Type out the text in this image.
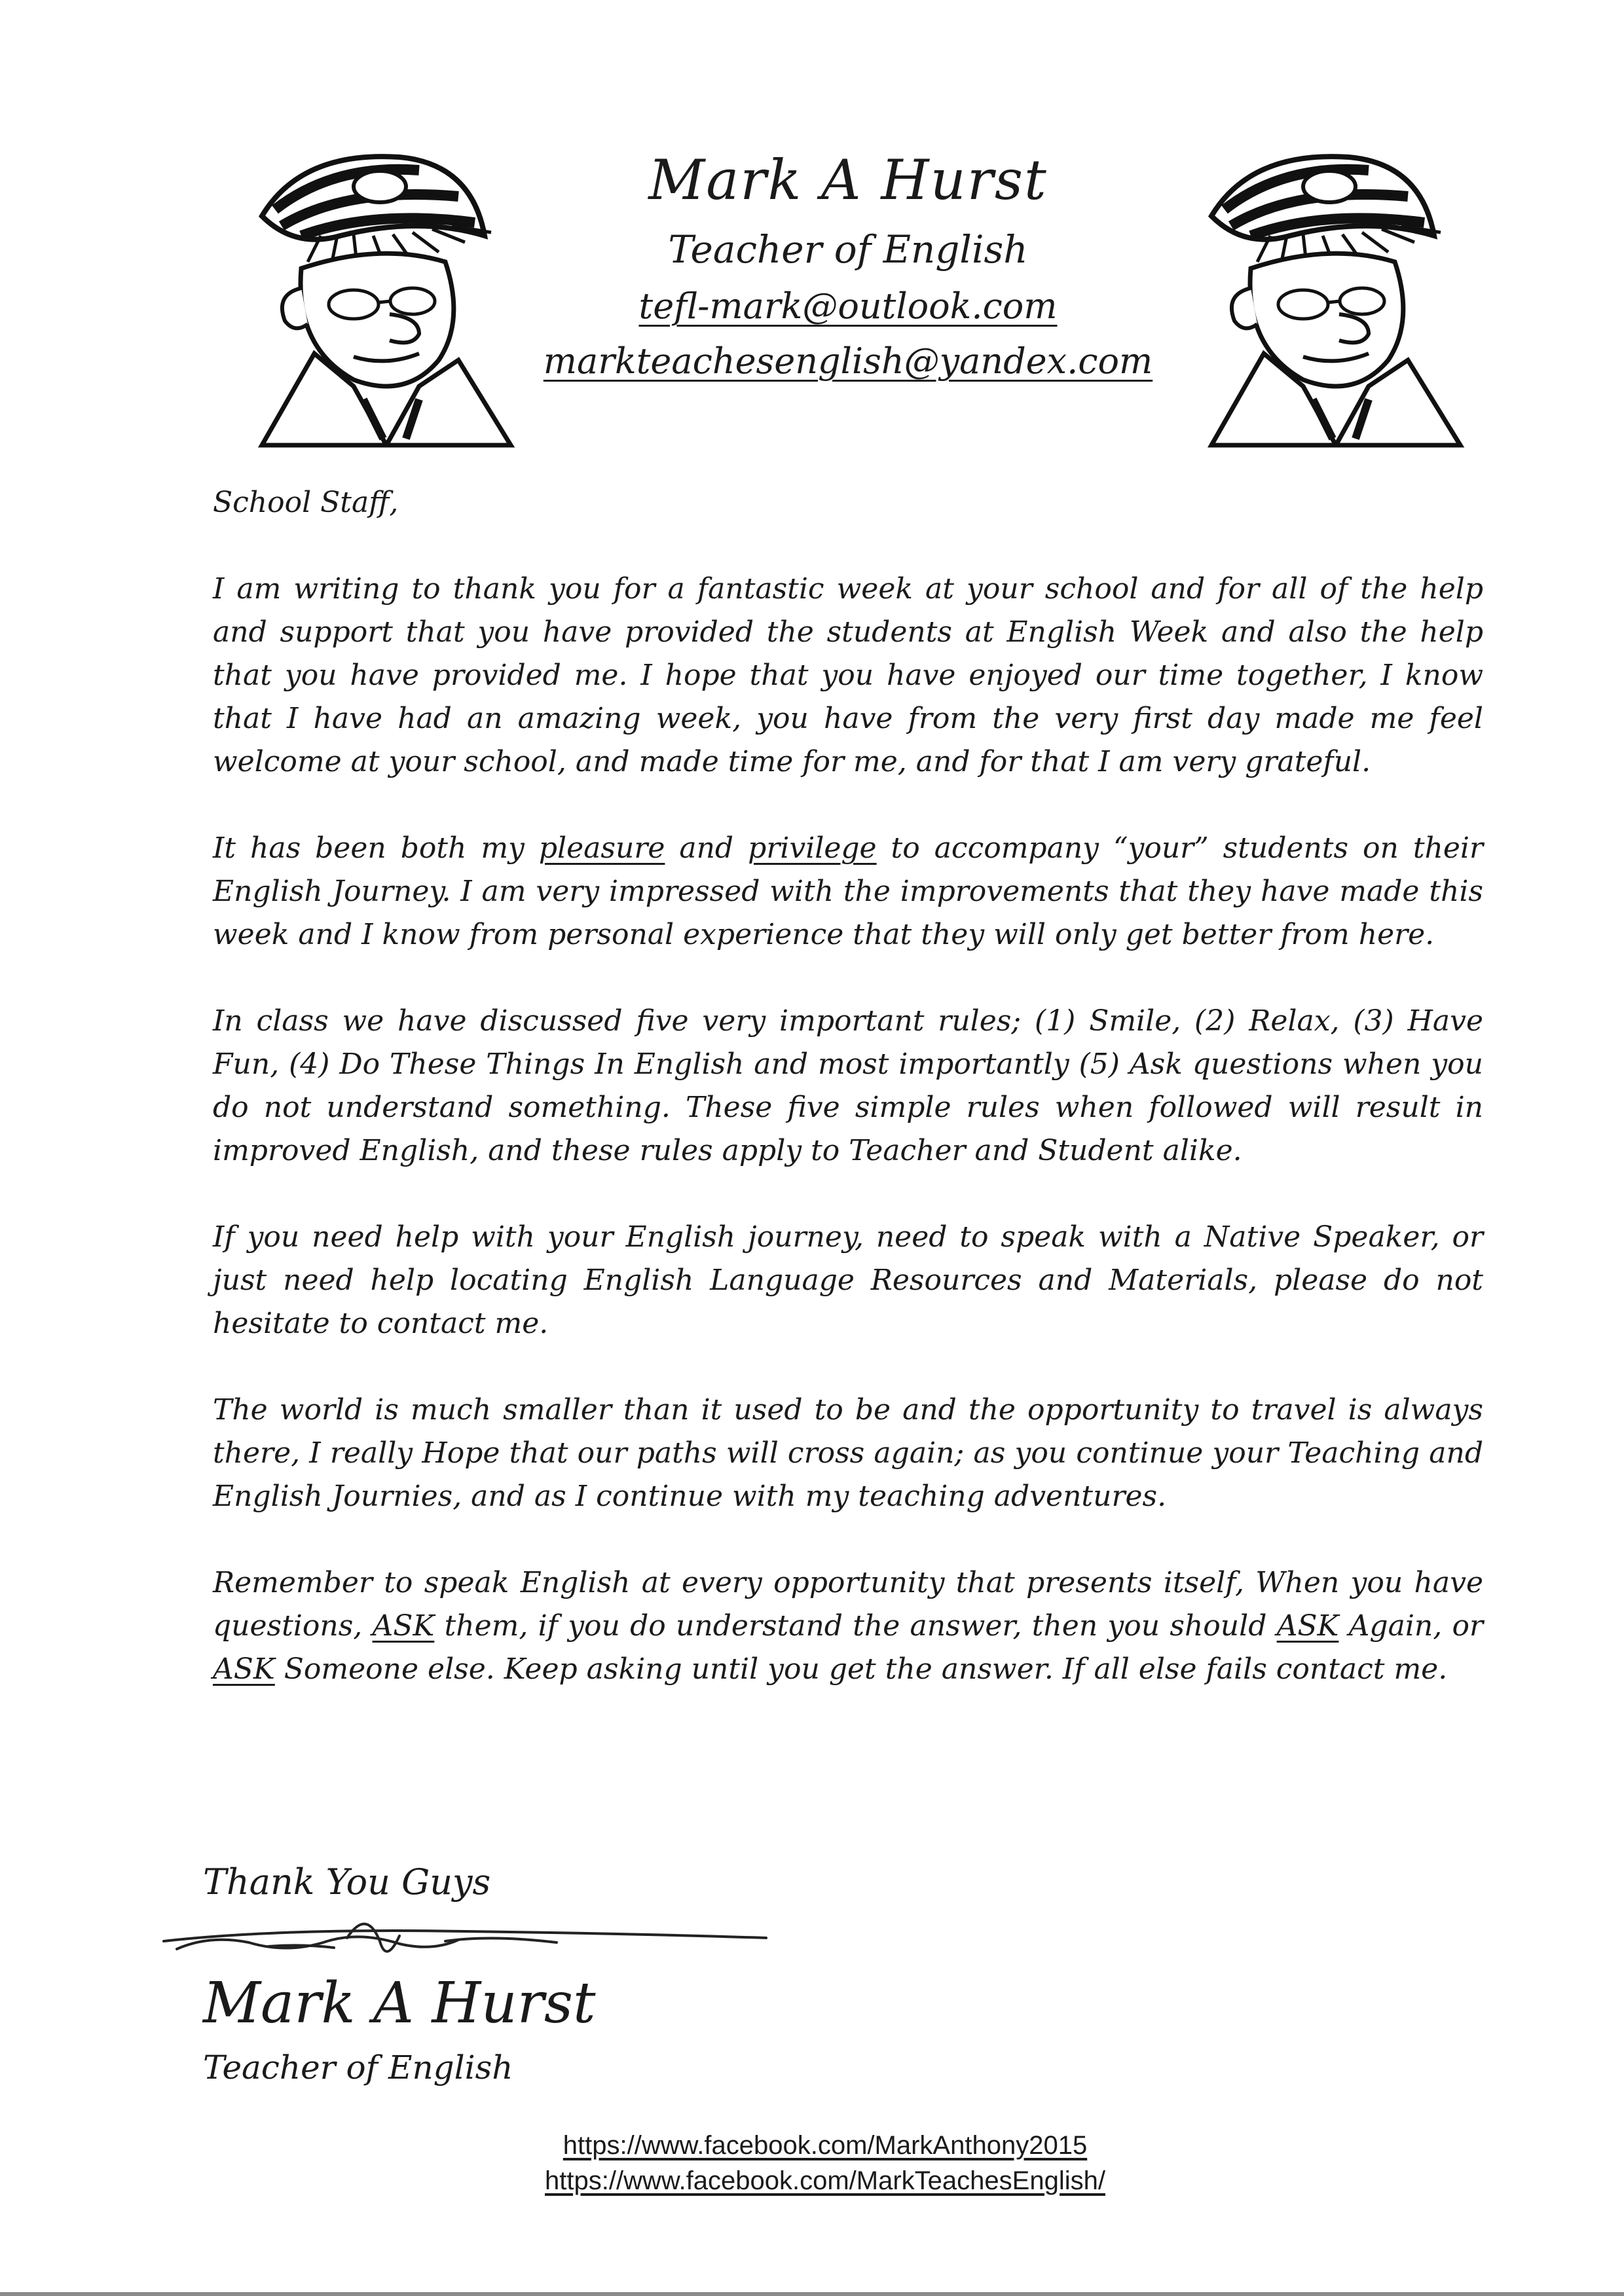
Mark A Hurst
Teacher of English
tefl-mark@outlook.com
markteachesenglish@yandex.com

School Staff,

I am writing to thank you for a fantastic week at your school and for all of the help and support that you have provided the students at English Week and also the help that you have provided me. I hope that you have enjoyed our time together, I know that I have had an amazing week, you have from the very first day made me feel welcome at your school, and made time for me, and for that I am very grateful.

It has been both my pleasure and privilege to accompany “your” students on their English Journey. I am very impressed with the improvements that they have made this week and I know from personal experience that they will only get better from here.

In class we have discussed five very important rules; (1) Smile, (2) Relax, (3) Have Fun, (4) Do These Things In English and most importantly (5) Ask questions when you do not understand something. These five simple rules when followed will result in improved English, and these rules apply to Teacher and Student alike.

If you need help with your English journey, need to speak with a Native Speaker, or just need help locating English Language Resources and Materials, please do not hesitate to contact me.

The world is much smaller than it used to be and the opportunity to travel is always there, I really Hope that our paths will cross again; as you continue your Teaching and English Journies, and as I continue with my teaching adventures.

Remember to speak English at every opportunity that presents itself, When you have questions, ASK them, if you do understand the answer, then you should ASK Again, or ASK Someone else. Keep asking until you get the answer. If all else fails contact me.

Thank You Guys
Mark A Hurst
Teacher of English
https://www.facebook.com/MarkAnthony2015
https://www.facebook.com/MarkTeachesEnglish/
